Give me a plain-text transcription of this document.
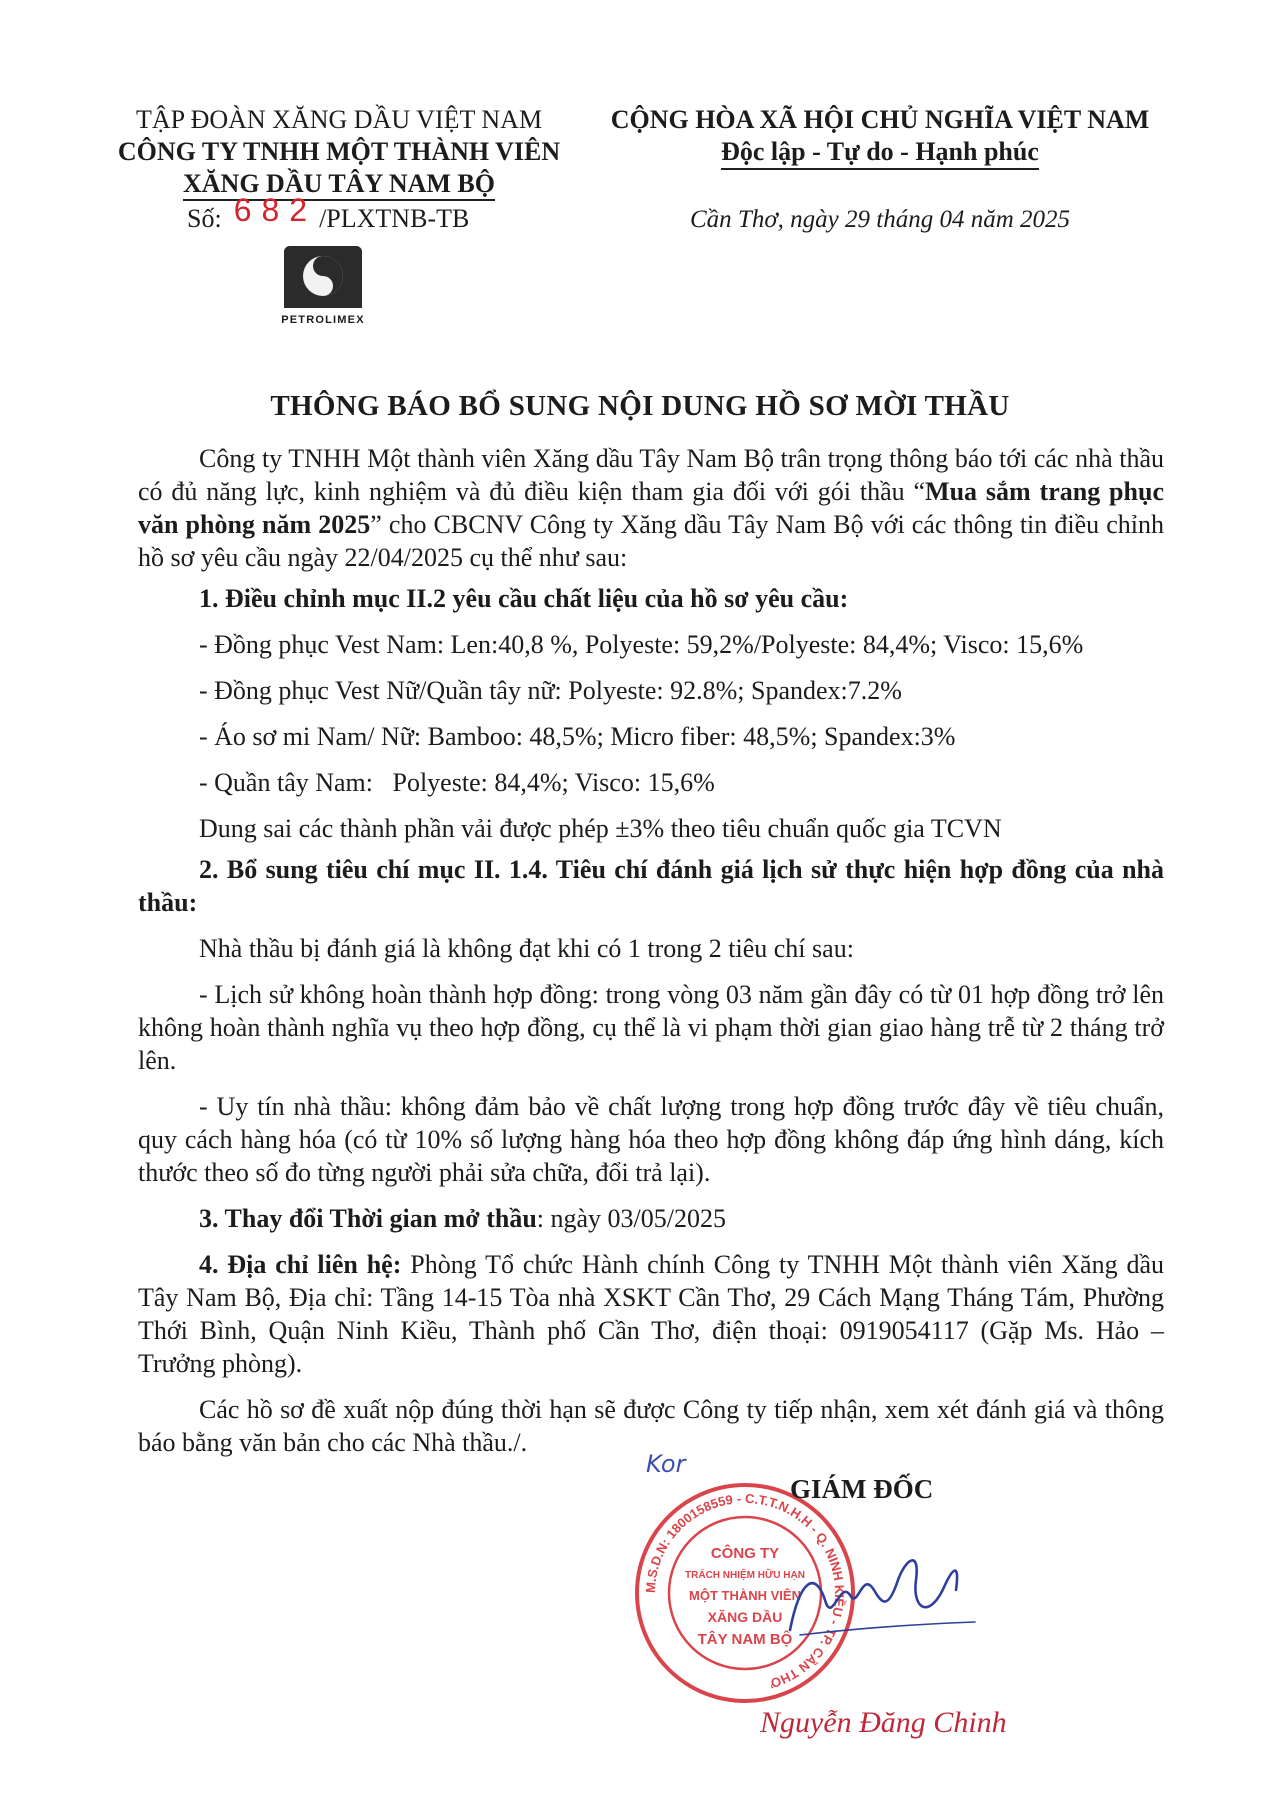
TẬP ĐOÀN XĂNG DẦU VIỆT NAM
CÔNG TY TNHH MỘT THÀNH VIÊN
XĂNG DẦU TÂY NAM BỘ
Số: 682/PLXTNB-TB
PETROLIMEX
CỘNG HÒA XÃ HỘI CHỦ NGHĨA VIỆT NAM
Độc lập - Tự do - Hạnh phúc
Cần Thơ, ngày 29 tháng 04 năm 2025
THÔNG BÁO BỔ SUNG NỘI DUNG HỒ SƠ MỜI THẦU

Công ty TNHH Một thành viên Xăng dầu Tây Nam Bộ trân trọng thông báo tới các nhà thầu có đủ năng lực, kinh nghiệm và đủ điều kiện tham gia đối với gói thầu “Mua sắm trang phục văn phòng năm 2025” cho CBCNV Công ty Xăng dầu Tây Nam Bộ với các thông tin điều chỉnh hồ sơ yêu cầu ngày 22/04/2025 cụ thể như sau:

1. Điều chỉnh mục II.2 yêu cầu chất liệu của hồ sơ yêu cầu:

- Đồng phục Vest Nam: Len:40,8 %, Polyeste: 59,2%/Polyeste: 84,4%; Visco: 15,6%

- Đồng phục Vest Nữ/Quần tây nữ: Polyeste: 92.8%; Spandex:7.2%

- Áo sơ mi Nam/ Nữ: Bamboo: 48,5%; Micro fiber: 48,5%; Spandex:3%

- Quần tây Nam:   Polyeste: 84,4%; Visco: 15,6%

Dung sai các thành phần vải được phép ±3% theo tiêu chuẩn quốc gia TCVN

2. Bổ sung tiêu chí mục II. 1.4. Tiêu chí đánh giá lịch sử thực hiện hợp đồng của nhà thầu:

Nhà thầu bị đánh giá là không đạt khi có 1 trong 2 tiêu chí sau:

- Lịch sử không hoàn thành hợp đồng: trong vòng 03 năm gần đây có từ 01 hợp đồng trở lên không hoàn thành nghĩa vụ theo hợp đồng, cụ thể là vi phạm thời gian giao hàng trễ từ 2 tháng trở lên.

- Uy tín nhà thầu: không đảm bảo về chất lượng trong hợp đồng trước đây về tiêu chuẩn, quy cách hàng hóa (có từ 10% số lượng hàng hóa theo hợp đồng không đáp ứng hình dáng, kích thước theo số đo từng người phải sửa chữa, đổi trả lại).

3. Thay đổi Thời gian mở thầu: ngày 03/05/2025

4. Địa chỉ liên hệ: Phòng Tổ chức Hành chính Công ty TNHH Một thành viên Xăng dầu Tây Nam Bộ, Địa chỉ: Tầng 14-15 Tòa nhà XSKT Cần Thơ, 29 Cách Mạng Tháng Tám, Phường Thới Bình, Quận Ninh Kiều, Thành phố Cần Thơ, điện thoại: 0919054117 (Gặp Ms. Hảo – Trưởng phòng).

Các hồ sơ đề xuất nộp đúng thời hạn sẽ được Công ty tiếp nhận, xem xét đánh giá và thông báo bằng văn bản cho các Nhà thầu./.

Kor
M.S.D.N: 1800158559 - C.T.T.N.H.H - Q. NINH KIỀU - TP. CẦN THƠ
CÔNG TY
TRÁCH NHIỆM HỮU HẠN
MỘT THÀNH VIÊN
XĂNG DẦU
TÂY NAM BỘ
GIÁM ĐỐC
Nguyễn Đăng Chinh
